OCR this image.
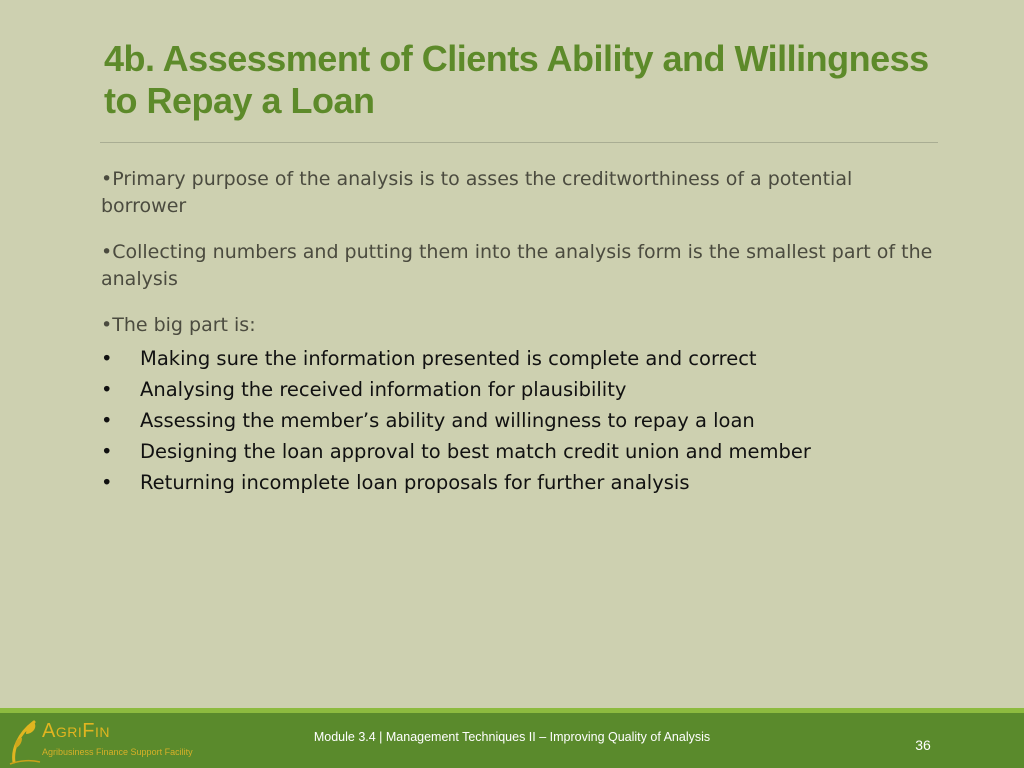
4b. Assessment of Clients Ability and Willingness to Repay a Loan

•Primary purpose of the analysis is to asses the creditworthiness of a potential borrower

•Collecting numbers and putting them into the analysis form is the smallest part of the analysis

•The big part is:

• Making sure the information presented is complete and correct
• Analysing the received information for plausibility
• Assessing the member’s ability and willingness to repay a loan
• Designing the loan approval to best match credit union and member
• Returning incomplete loan proposals for further analysis
AgriFin
Agribusiness Finance Support Facility
Module 3.4 | Management Techniques II – Improving Quality of Analysis	36
